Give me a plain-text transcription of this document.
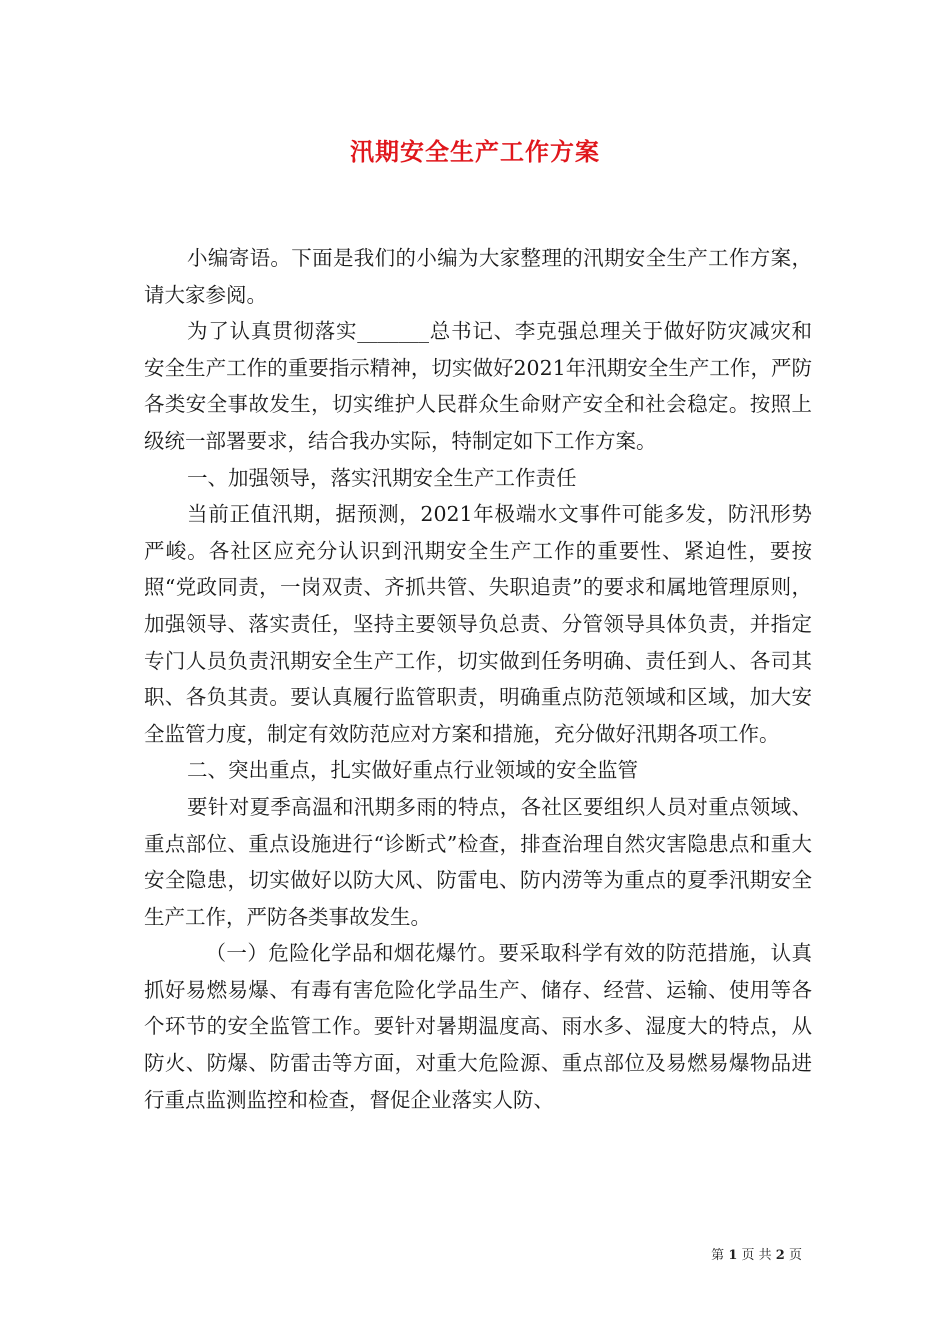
汛期安全生产工作方案

小编寄语。下面是我们的小编为大家整理的汛期安全生产工作方案，请大家参阅。

为了认真贯彻落实_______总书记、李克强总理关于做好防灾减灾和安全生产工作的重要指示精神，切实做好2021年汛期安全生产工作，严防各类安全事故发生，切实维护人民群众生命财产安全和社会稳定。按照上级统一部署要求，结合我办实际，特制定如下工作方案。

一、加强领导，落实汛期安全生产工作责任

当前正值汛期，据预测，2021年极端水文事件可能多发，防汛形势严峻。各社区应充分认识到汛期安全生产工作的重要性、紧迫性，要按照“党政同责，一岗双责、齐抓共管、失职追责”的要求和属地管理原则，加强领导、落实责任，坚持主要领导负总责、分管领导具体负责，并指定专门人员负责汛期安全生产工作，切实做到任务明确、责任到人、各司其职、各负其责。要认真履行监管职责，明确重点防范领域和区域，加大安全监管力度，制定有效防范应对方案和措施，充分做好汛期各项工作。

二、突出重点，扎实做好重点行业领域的安全监管

要针对夏季高温和汛期多雨的特点，各社区要组织人员对重点领域、重点部位、重点设施进行“诊断式”检查，排查治理自然灾害隐患点和重大安全隐患，切实做好以防大风、防雷电、防内涝等为重点的夏季汛期安全生产工作，严防各类事故发生。

（一）危险化学品和烟花爆竹。要采取科学有效的防范措施，认真抓好易燃易爆、有毒有害危险化学品生产、储存、经营、运输、使用等各个环节的安全监管工作。要针对暑期温度高、雨水多、湿度大的特点，从防火、防爆、防雷击等方面，对重大危险源、重点部位及易燃易爆物品进行重点监测监控和检查，督促企业落实人防、

第 1 页 共 2 页
